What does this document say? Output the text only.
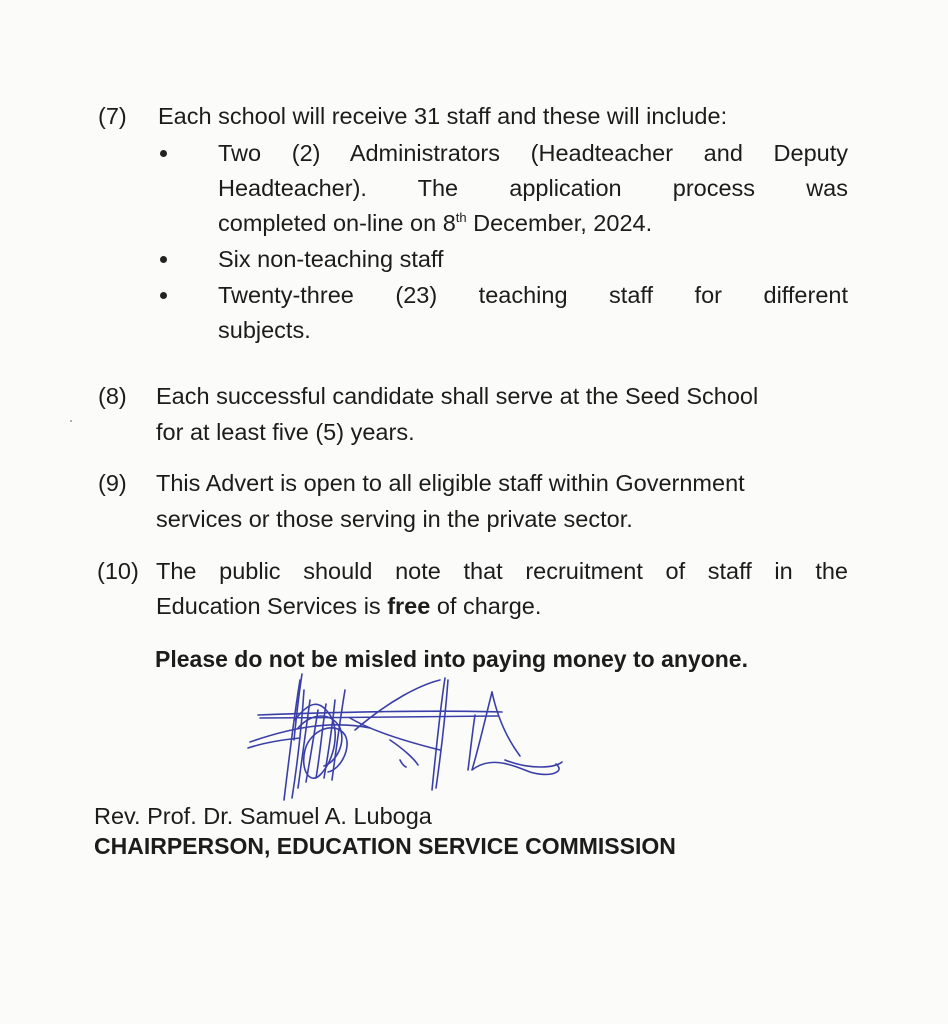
(7) Each school will receive 31 staff and these will include:
Two (2) Administrators (Headteacher and Deputy
Headteacher). The application process was
completed on-line on 8th December, 2024.
Six non-teaching staff
Twenty-three (23) teaching staff for different
subjects.
(8) Each successful candidate shall serve at the Seed School
for at least five (5) years.
(9) This Advert is open to all eligible staff within Government
services or those serving in the private sector.
(10) The public should note that recruitment of staff in the
Education Services is free of charge.
Please do not be misled into paying money to anyone.
Rev. Prof. Dr. Samuel A. Luboga
CHAIRPERSON, EDUCATION SERVICE COMMISSION
